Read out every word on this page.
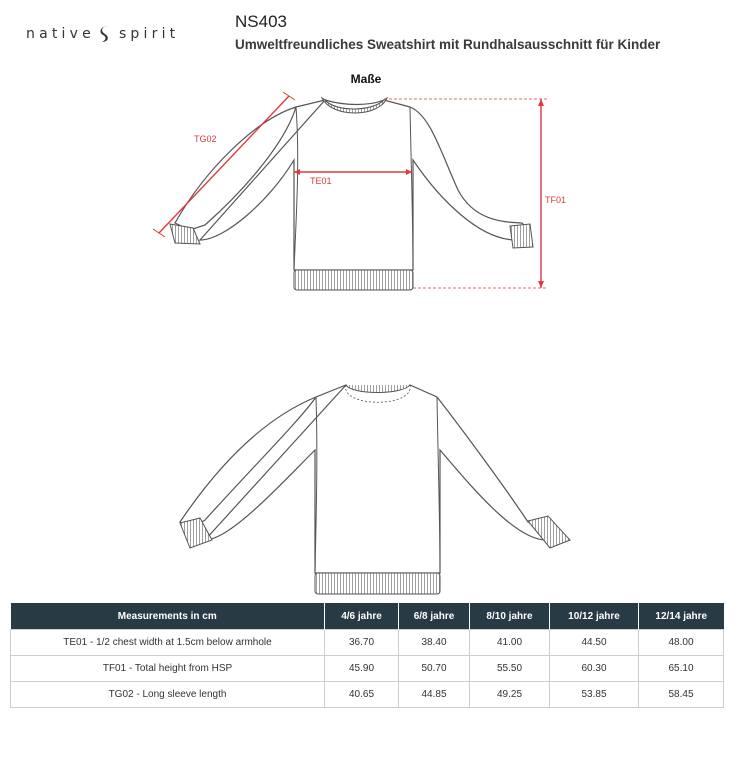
native spirit
NS403
Umweltfreundliches Sweatshirt mit Rundhalsausschnitt für Kinder
Maße
TE01
TF01
TG02
Measurements in cm	4/6 jahre	6/8 jahre	8/10 jahre	10/12 jahre	12/14 jahre
TE01 - 1/2 chest width at 1.5cm below armhole	36.70	38.40	41.00	44.50	48.00
TF01 - Total height from HSP	45.90	50.70	55.50	60.30	65.10
TG02 - Long sleeve length	40.65	44.85	49.25	53.85	58.45
